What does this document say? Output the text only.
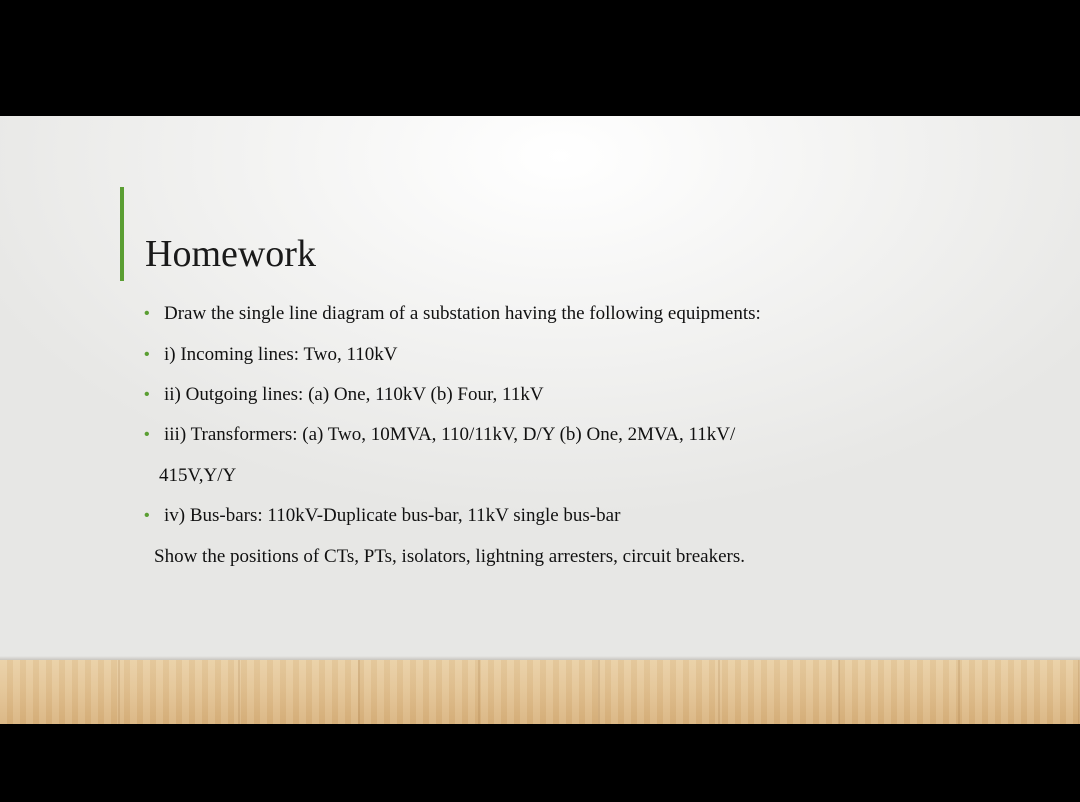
Homework
• Draw the single line diagram of a substation having the following equipments:
• i) Incoming lines: Two, 110kV
• ii) Outgoing lines: (a) One, 110kV (b) Four, 11kV
• iii) Transformers: (a) Two, 10MVA, 110/11kV, D/Y (b) One, 2MVA, 11kV/
415V,Y/Y
• iv) Bus-bars: 110kV-Duplicate bus-bar, 11kV single bus-bar
Show the positions of CTs, PTs, isolators, lightning arresters, circuit breakers.
